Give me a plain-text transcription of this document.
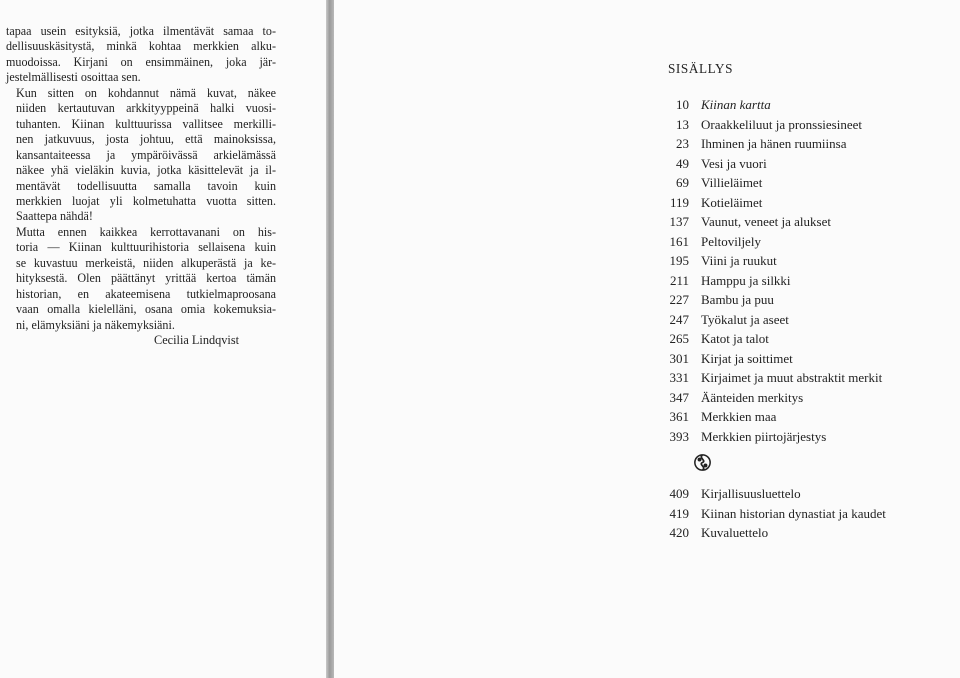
tapaa usein esityksiä, jotka ilmentävät samaa to-
dellisuuskäsitystä, minkä kohtaa merkkien alku-
muodoissa. Kirjani on ensimmäinen, joka jär-
jestelmällisesti osoittaa sen.

Kun sitten on kohdannut nämä kuvat, näkee
niiden kertautuvan arkkityyppeinä halki vuosi-
tuhanten. Kiinan kulttuurissa vallitsee merkilli-
nen jatkuvuus, josta johtuu, että mainoksissa,
kansantaiteessa ja ympäröivässä arkielämässä
näkee yhä vieläkin kuvia, jotka käsittelevät ja il-
mentävät todellisuutta samalla tavoin kuin
merkkien luojat yli kolmetuhatta vuotta sitten.
Saattepa nähdä!

Mutta ennen kaikkea kerrottavanani on his-
toria — Kiinan kulttuurihistoria sellaisena kuin
se kuvastuu merkeistä, niiden alkuperästä ja ke-
hityksestä. Olen päättänyt yrittää kertoa tämän
historian, en akateemisena tutkielmaproosana
vaan omalla kielelläni, osana omia kokemuksia-
ni, elämyksiäni ja näkemyksiäni.

Cecilia Lindqvist
SISÄLLYS
10 Kiinan kartta
13 Oraakkeliluut ja pronssiesineet
23 Ihminen ja hänen ruumiinsa
49 Vesi ja vuori
69 Villieläimet
119 Kotieläimet
137 Vaunut, veneet ja alukset
161 Peltoviljely
195 Viini ja ruukut
211 Hamppu ja silkki
227 Bambu ja puu
247 Työkalut ja aseet
265 Katot ja talot
301 Kirjat ja soittimet
331 Kirjaimet ja muut abstraktit merkit
347 Äänteiden merkitys
361 Merkkien maa
393 Merkkien piirtojärjestys
409 Kirjallisuusluettelo
419 Kiinan historian dynastiat ja kaudet
420 Kuvaluettelo
